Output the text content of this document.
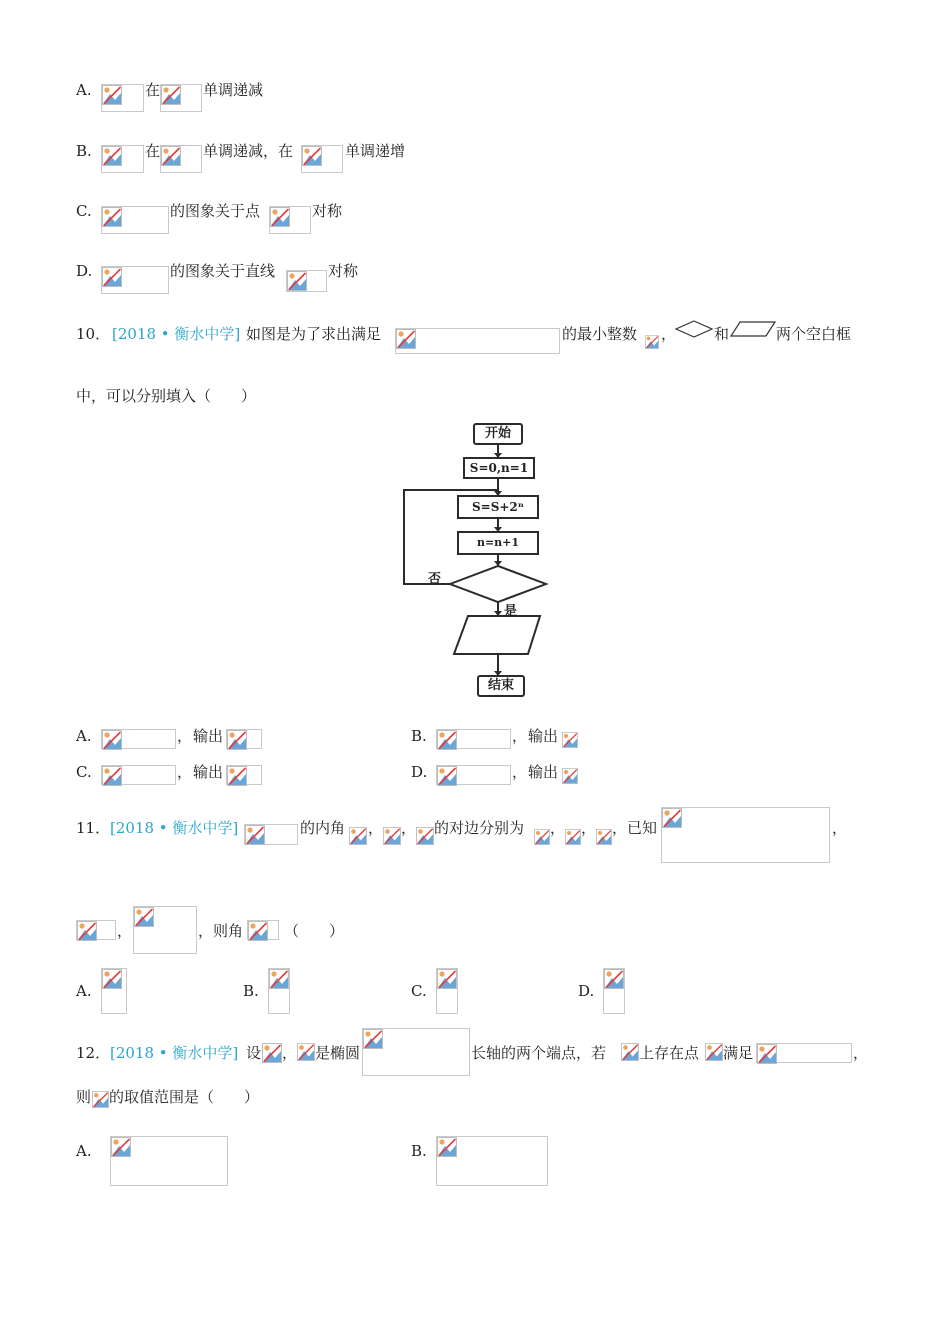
A.	在	单调递减
B.	在	单调递减，在	单调递增
C.	的图象关于点	对称
D.	的图象关于直线	对称
10． [2018 • 衡水中学] 如图是为了求出满足	的最小整数 ，	和	两个空白框
中，可以分别填入（　　）
开始
S=0,n=1
S=S+2ⁿ
n=n+1
否
是
结束
A.	， 输出	B.	， 输出
C.	， 输出	D.	， 输出
11． [2018 • 衡水中学]	的内角 ， ， 的对边分别为 ， ， ，已知	，
，	，则角	（　　）
A.	B.	C.	D.
12． [2018 • 衡水中学] 设 ， 是椭圆	长轴的两个端点，若 上存在点 满足	，
则 的取值范围是（　　）
A.	B.
